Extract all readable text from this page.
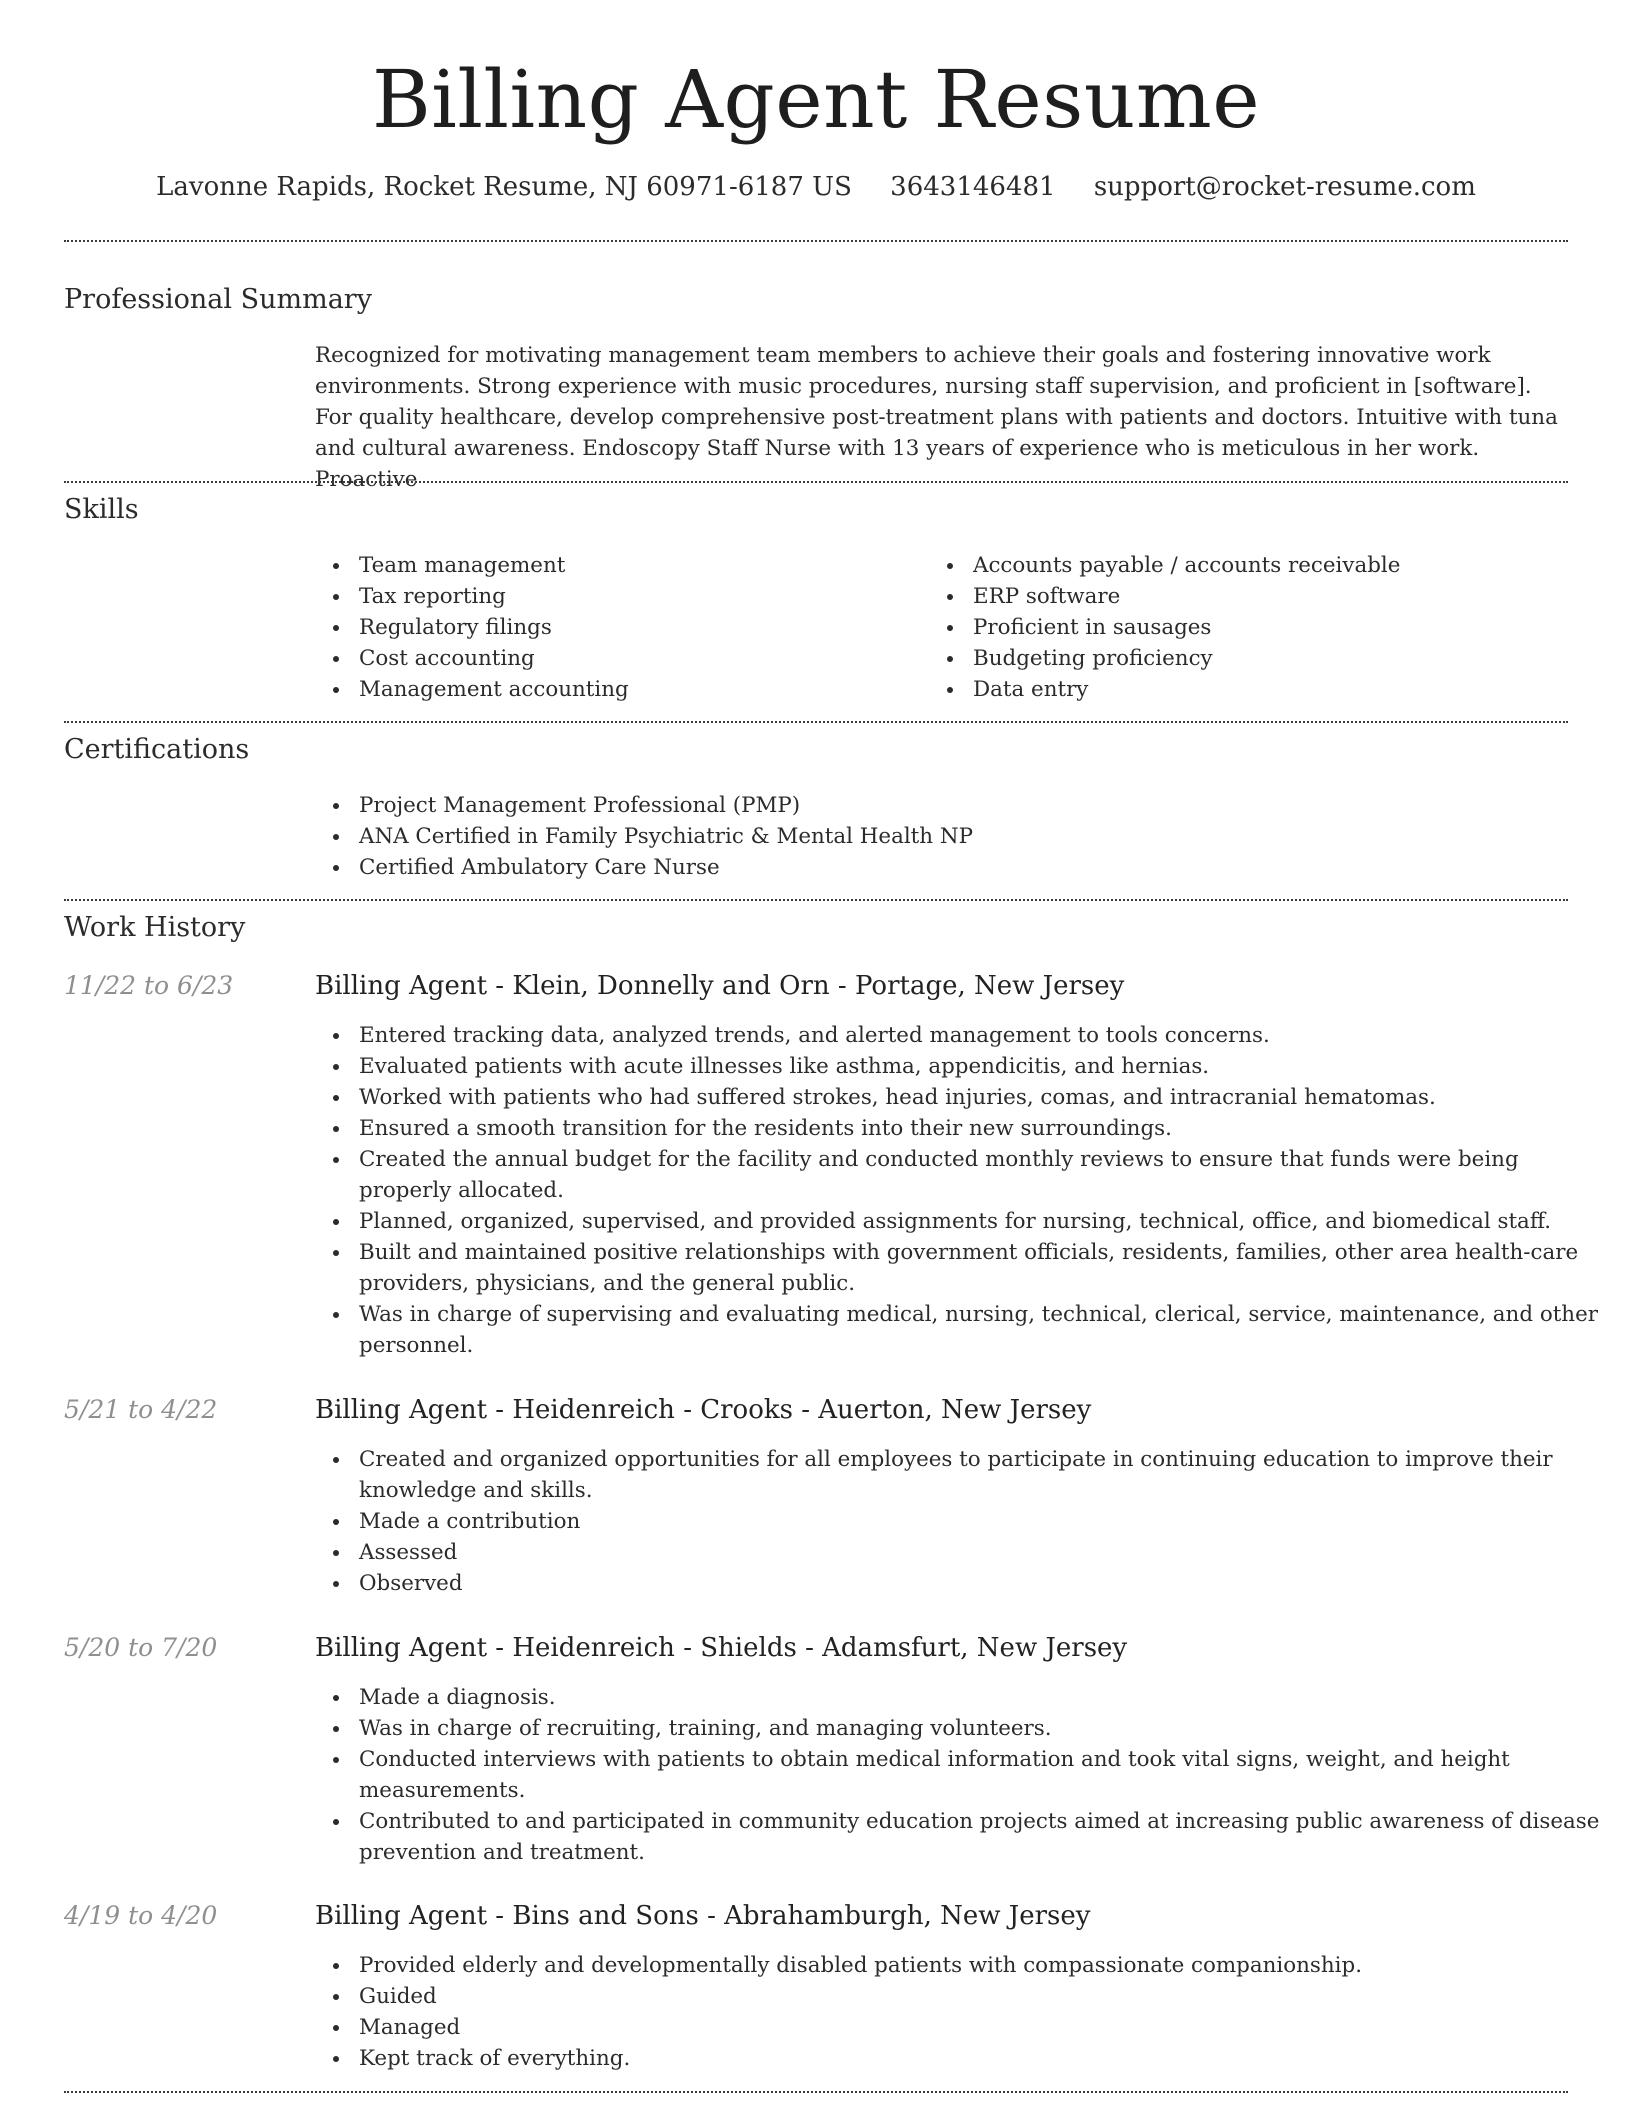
Billing Agent Resume
Lavonne Rapids, Rocket Resume, NJ 60971-6187 US 3643146481 support@rocket-resume.com
Professional Summary

Recognized for motivating management team members to achieve their goals and fostering innovative work environments. Strong experience with music procedures, nursing staff supervision, and proficient in [software]. For quality healthcare, develop comprehensive post-treatment plans with patients and doctors. Intuitive with tuna and cultural awareness. Endoscopy Staff Nurse with 13 years of experience who is meticulous in her work. Proactive

Skills
Team management
Tax reporting
Regulatory filings
Cost accounting
Management accounting
Accounts payable / accounts receivable
ERP software
Proficient in sausages
Budgeting proficiency
Data entry
Certifications
Project Management Professional (PMP)
ANA Certified in Family Psychiatric & Mental Health NP
Certified Ambulatory Care Nurse
Work History
11/22 to 6/23	Billing Agent - Klein, Donnelly and Orn - Portage, New Jersey
Entered tracking data, analyzed trends, and alerted management to tools concerns.
Evaluated patients with acute illnesses like asthma, appendicitis, and hernias.
Worked with patients who had suffered strokes, head injuries, comas, and intracranial hematomas.
Ensured a smooth transition for the residents into their new surroundings.
Created the annual budget for the facility and conducted monthly reviews to ensure that funds were being properly allocated.
Planned, organized, supervised, and provided assignments for nursing, technical, office, and biomedical staff.
Built and maintained positive relationships with government officials, residents, families, other area health-care providers, physicians, and the general public.
Was in charge of supervising and evaluating medical, nursing, technical, clerical, service, maintenance, and other personnel.
5/21 to 4/22	Billing Agent - Heidenreich - Crooks - Auerton, New Jersey
Created and organized opportunities for all employees to participate in continuing education to improve their knowledge and skills.
Made a contribution
Assessed
Observed
5/20 to 7/20	Billing Agent - Heidenreich - Shields - Adamsfurt, New Jersey
Made a diagnosis.
Was in charge of recruiting, training, and managing volunteers.
Conducted interviews with patients to obtain medical information and took vital signs, weight, and height measurements.
Contributed to and participated in community education projects aimed at increasing public awareness of disease prevention and treatment.
4/19 to 4/20	Billing Agent - Bins and Sons - Abrahamburgh, New Jersey
Provided elderly and developmentally disabled patients with compassionate companionship.
Guided
Managed
Kept track of everything.
